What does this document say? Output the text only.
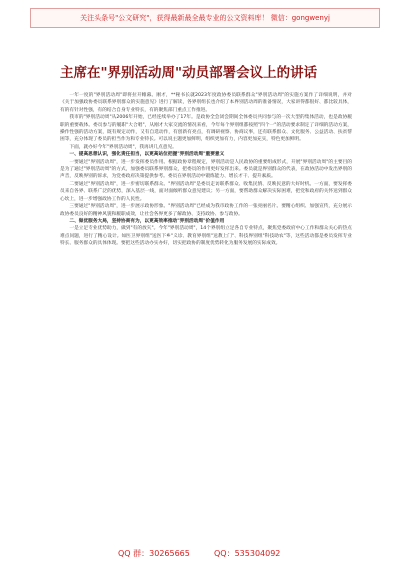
关注头条号"公文研究"，获得最新最全最专业的公文资料库！ 微信：gongwenyj
主席在"界别活动周"动员部署会议上的讲话

一年一度的"界别活动周"即将拉开帷幕。刚才，**秘书长就2023年度政协委员联系群众"界别活动周"的实施方案作了详细说明，并对《关于加强政协委员联系界别群众的实施意见》进行了解读，各界别组长也介绍了本界别活动周的准备情况，大家讲得都很好、都比较具体，有的有针对性强，有的结合自身专业特长，有的聚焦部门重点工作推进。

我市的"界别活动周"从2006年开始，已经连续举办了17年。是政协全会闭会期间全体委员共同参与的一次大型的集体活动，也是政协履职的重要载体。委员参与的履职"大合唱"，从刚才大家交流的情况来看，今年每个界别组都按照"四个一"的活动要求制定了详细的活动方案，操作性强的活动方案，既有规定动作，又有自选动作，有创新有亮点，有调研视察、协商议事，还有联系群众、文化服务、公益活动、扶贫帮困等，充分体现了委员的担当作为和专业特长。可以说主题更加鲜明，组织更加有力，内容更加充实，特色更加鲜明。

下面，就办好今年"界别活动周"，我再讲几点意见。

一、提高思想认识，强化责任担当，以更高站位把握"界别活动周"重要意义

一要通过"界别活动周"，进一步发挥委员作用。根据政协章程规定，界别活动是人民政协的重要组成形式，开展"界别活动周"的主要目的是为了通过"界别活动周"的方式，加强委员联系界别群众，把委员的作用更好发挥出来。委员就是界别群众的代表，在政协活动中发出界别的声音，反映界别的诉求，为党委政府决策提供参考。委员在界别活动中锻炼能力、增长才干、提升素质。

二要通过"界别活动周"，进一步密切联系群众。"界别活动周"是委员走访联系群众、收集民情、反映民意的大好时机。一方面，要发挥委员来自各界、联系广泛的优势，深入基层一线，面对面倾听群众意见建议；另一方面，要帮助群众解决实际困难，把党和政府的关怀送到群众心坎上，进一步增强政协工作的人民性。

三要通过"界别活动周"，进一步展示政协形象。"界别活动周"已经成为我市政协工作的一张亮丽名片。要精心组织、加强宣传，充分展示政协委员良好的精神风貌和履职成效，让社会各界更多了解政协、支持政协、参与政协。

二、做优服务大局，坚持协商有为，以更高效率推动"界别活动周"价值作用

一是立足专业优势助力，做到"有的放矢"。今年"界别活动周"，14个界别组立足各自专业特点，聚焦党委政府中心工作和群众关心的热点难点问题，进行了精心设计。如医卫界别组"送医下乡"义诊、教育界别组"送教上门"、科技界别组"科技助农"等，这些活动都是委员发挥专业特长、服务群众的具体体现。要把这些活动办实办好，切实把政协的制度优势转化为服务发展的实际成效。

QQ 群：30265665	QQ：535304092
